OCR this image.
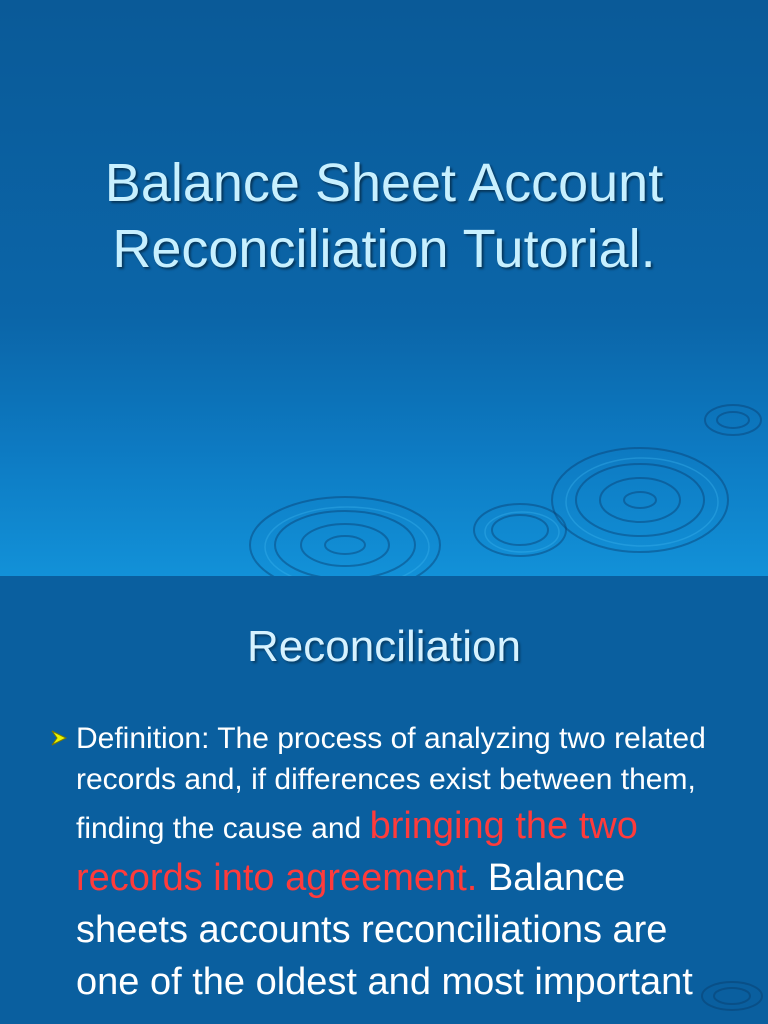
Balance Sheet Account
Reconciliation Tutorial.
Reconciliation
Definition: The process of analyzing two related records and, if differences exist between them, finding the cause and bringing the two records into agreement. Balance sheets accounts reconciliations are one of the oldest and most important
